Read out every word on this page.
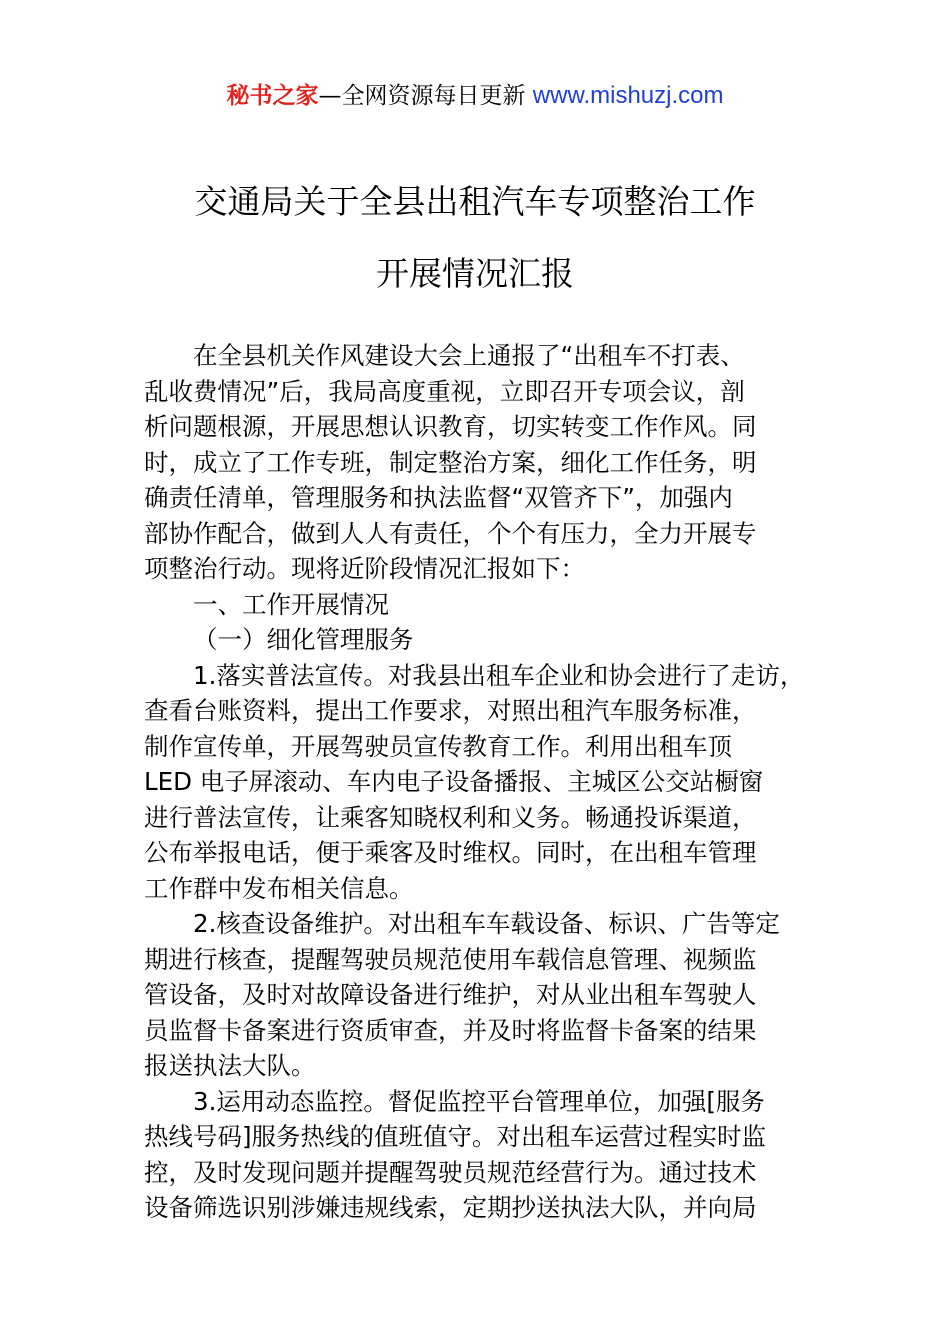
秘书之家—全网资源每日更新 www.mishuzj.com
交通局关于全县出租汽车专项整治工作
开展情况汇报
在全县机关作风建设大会上通报了“出租车不打表、
乱收费情况”后，我局高度重视，立即召开专项会议，剖
析问题根源，开展思想认识教育，切实转变工作作风。同
时，成立了工作专班，制定整治方案，细化工作任务，明
确责任清单，管理服务和执法监督“双管齐下”，加强内
部协作配合，做到人人有责任，个个有压力，全力开展专
项整治行动。现将近阶段情况汇报如下：
一、工作开展情况
（一）细化管理服务
1.落实普法宣传。对我县出租车企业和协会进行了走访，
查看台账资料，提出工作要求，对照出租汽车服务标准，
制作宣传单，开展驾驶员宣传教育工作。利用出租车顶
LED 电子屏滚动、车内电子设备播报、主城区公交站橱窗
进行普法宣传，让乘客知晓权利和义务。畅通投诉渠道，
公布举报电话，便于乘客及时维权。同时，在出租车管理
工作群中发布相关信息。
2.核查设备维护。对出租车车载设备、标识、广告等定
期进行核查，提醒驾驶员规范使用车载信息管理、视频监
管设备，及时对故障设备进行维护，对从业出租车驾驶人
员监督卡备案进行资质审查，并及时将监督卡备案的结果
报送执法大队。
3.运用动态监控。督促监控平台管理单位，加强[服务
热线号码]服务热线的值班值守。对出租车运营过程实时监
控，及时发现问题并提醒驾驶员规范经营行为。通过技术
设备筛选识别涉嫌违规线索，定期抄送执法大队，并向局
